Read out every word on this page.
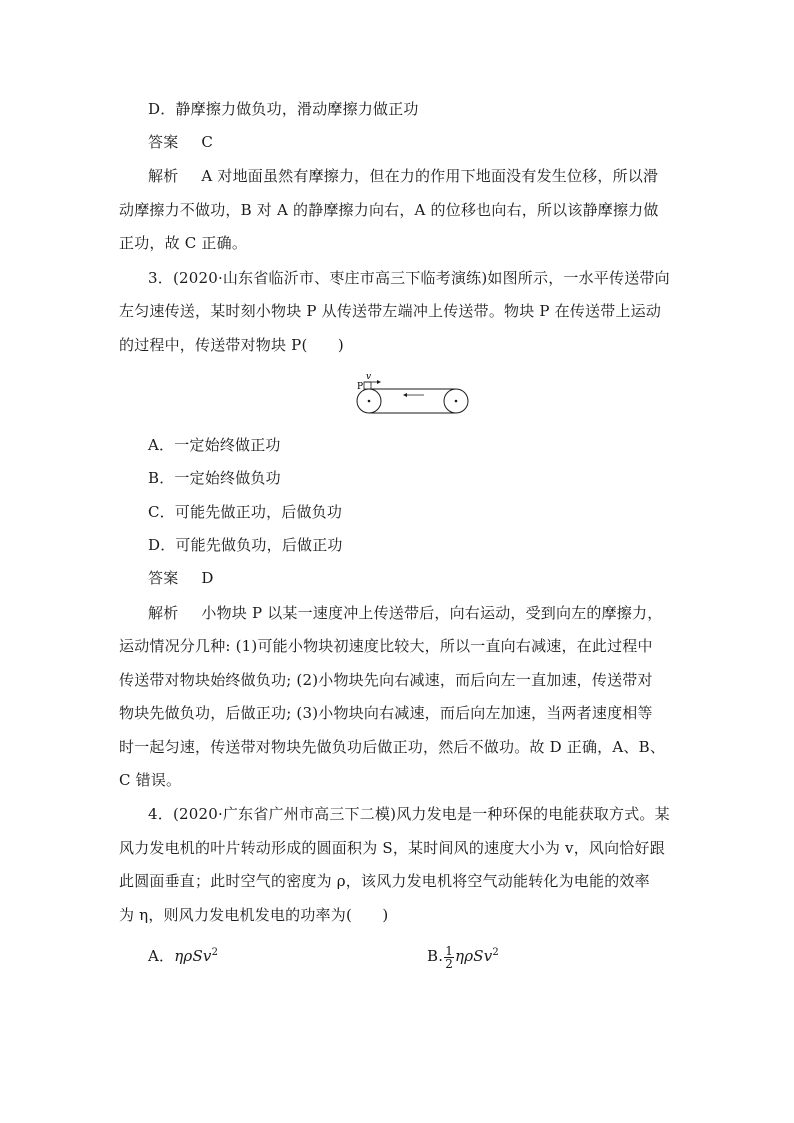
D．静摩擦力做负功，滑动摩擦力做正功
答案 C
解析 A 对地面虽然有摩擦力，但在力的作用下地面没有发生位移，所以滑
动摩擦力不做功，B 对 A 的静摩擦力向右，A 的位移也向右，所以该静摩擦力做
正功，故 C 正确。
3．(2020·山东省临沂市、枣庄市高三下临考演练)如图所示，一水平传送带向
左匀速传送，某时刻小物块 P 从传送带左端冲上传送带。物块 P 在传送带上运动
的过程中，传送带对物块 P(　　)
v
P
A．一定始终做正功
B．一定始终做负功
C．可能先做正功，后做负功
D．可能先做负功，后做正功
答案 D
解析 小物块 P 以某一速度冲上传送带后，向右运动，受到向左的摩擦力，
运动情况分几种: (1)可能小物块初速度比较大，所以一直向右减速，在此过程中
传送带对物块始终做负功; (2)小物块先向右减速，而后向左一直加速，传送带对
物块先做负功，后做正功; (3)小物块向右减速，而后向左加速，当两者速度相等
时一起匀速，传送带对物块先做负功后做正功，然后不做功。故 D 正确，A、B、
C 错误。
4．(2020·广东省广州市高三下二模)风力发电是一种环保的电能获取方式。某
风力发电机的叶片转动形成的圆面积为 S，某时间风的速度大小为 v，风向恰好跟
此圆面垂直；此时空气的密度为 ρ，该风力发电机将空气动能转化为电能的效率
为 η，则风力发电机发电的功率为(　　)
A．ηρSv$^2$	B. $\frac{1}{2} \eta\rho Sv^2$
